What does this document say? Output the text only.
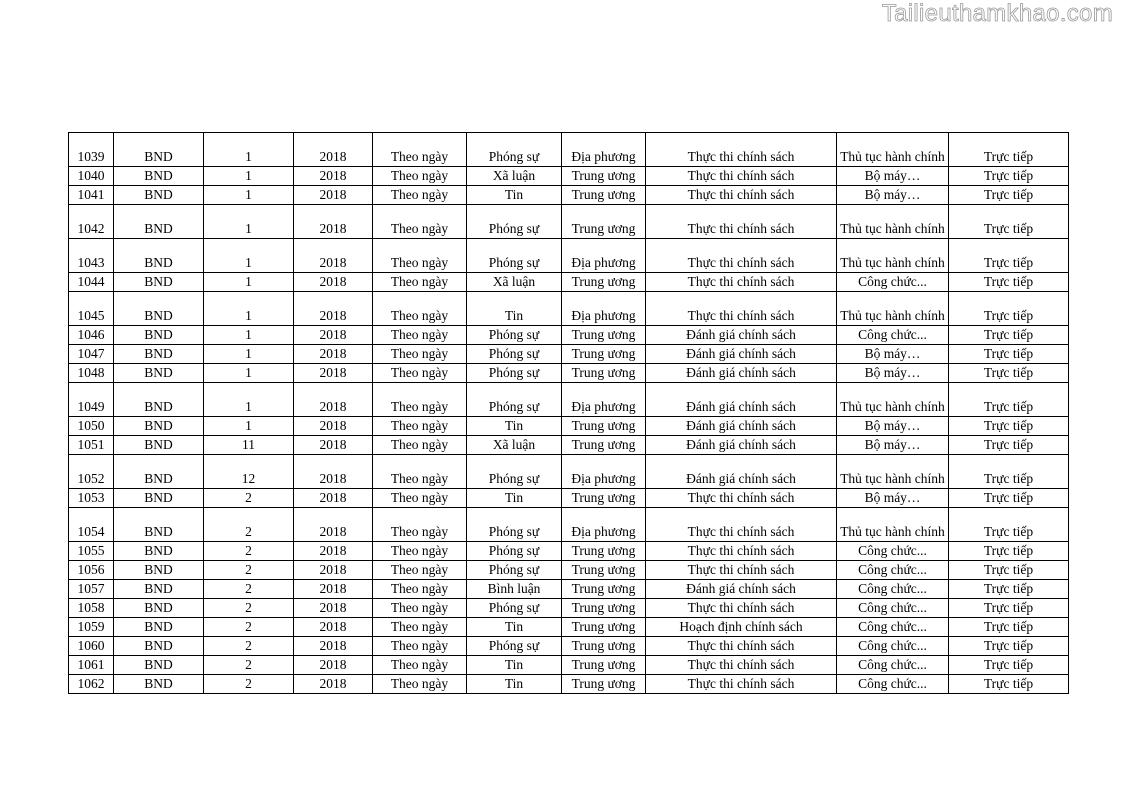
Tailieuthamkhao.com
1039	BND	1	2018	Theo ngày	Phóng sự	Địa phương	Thực thi chính sách	Thủ tục hành chính	Trực tiếp
1040	BND	1	2018	Theo ngày	Xã luận	Trung ương	Thực thi chính sách	Bộ máy…	Trực tiếp
1041	BND	1	2018	Theo ngày	Tin	Trung ương	Thực thi chính sách	Bộ máy…	Trực tiếp
1042	BND	1	2018	Theo ngày	Phóng sự	Trung ương	Thực thi chính sách	Thủ tục hành chính	Trực tiếp
1043	BND	1	2018	Theo ngày	Phóng sự	Địa phương	Thực thi chính sách	Thủ tục hành chính	Trực tiếp
1044	BND	1	2018	Theo ngày	Xã luận	Trung ương	Thực thi chính sách	Công chức...	Trực tiếp
1045	BND	1	2018	Theo ngày	Tin	Địa phương	Thực thi chính sách	Thủ tục hành chính	Trực tiếp
1046	BND	1	2018	Theo ngày	Phóng sự	Trung ương	Đánh giá chính sách	Công chức...	Trực tiếp
1047	BND	1	2018	Theo ngày	Phóng sự	Trung ương	Đánh giá chính sách	Bộ máy…	Trực tiếp
1048	BND	1	2018	Theo ngày	Phóng sự	Trung ương	Đánh giá chính sách	Bộ máy…	Trực tiếp
1049	BND	1	2018	Theo ngày	Phóng sự	Địa phương	Đánh giá chính sách	Thủ tục hành chính	Trực tiếp
1050	BND	1	2018	Theo ngày	Tin	Trung ương	Đánh giá chính sách	Bộ máy…	Trực tiếp
1051	BND	11	2018	Theo ngày	Xã luận	Trung ương	Đánh giá chính sách	Bộ máy…	Trực tiếp
1052	BND	12	2018	Theo ngày	Phóng sự	Địa phương	Đánh giá chính sách	Thủ tục hành chính	Trực tiếp
1053	BND	2	2018	Theo ngày	Tin	Trung ương	Thực thi chính sách	Bộ máy…	Trực tiếp
1054	BND	2	2018	Theo ngày	Phóng sự	Địa phương	Thực thi chính sách	Thủ tục hành chính	Trực tiếp
1055	BND	2	2018	Theo ngày	Phóng sự	Trung ương	Thực thi chính sách	Công chức...	Trực tiếp
1056	BND	2	2018	Theo ngày	Phóng sự	Trung ương	Thực thi chính sách	Công chức...	Trực tiếp
1057	BND	2	2018	Theo ngày	Bình luận	Trung ương	Đánh giá chính sách	Công chức...	Trực tiếp
1058	BND	2	2018	Theo ngày	Phóng sự	Trung ương	Thực thi chính sách	Công chức...	Trực tiếp
1059	BND	2	2018	Theo ngày	Tin	Trung ương	Hoạch định chính sách	Công chức...	Trực tiếp
1060	BND	2	2018	Theo ngày	Phóng sự	Trung ương	Thực thi chính sách	Công chức...	Trực tiếp
1061	BND	2	2018	Theo ngày	Tin	Trung ương	Thực thi chính sách	Công chức...	Trực tiếp
1062	BND	2	2018	Theo ngày	Tin	Trung ương	Thực thi chính sách	Công chức...	Trực tiếp
